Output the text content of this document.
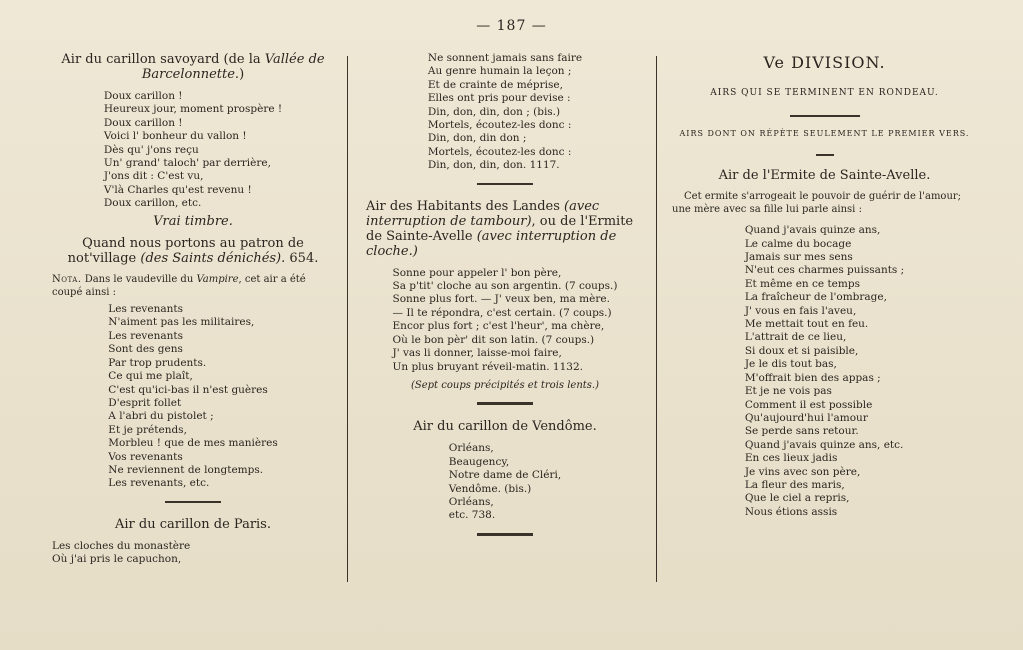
— 187 —
Air du carillon savoyard (de la Vallée de Barcelonnette.)
Doux carillon !
Heureux jour, moment prospère !
Doux carillon !
Voici l' bonheur du vallon !
Dès qu' j'ons reçu
Un' grand' taloch' par derrière,
J'ons dit : C'est vu,
V'là Charles qu'est revenu !
Doux carillon, etc.
Vrai timbre.
Quand nous portons au patron de not'village (des Saints dénichés). 654.
Nota. Dans le vaudeville du Vampire, cet air a été coupé ainsi :
Les revenants
N'aiment pas les militaires,
Les revenants
Sont des gens
Par trop prudents.
Ce qui me plaît,
C'est qu'ici-bas il n'est guères
D'esprit follet
A l'abri du pistolet ;
Et je prétends,
Morbleu ! que de mes manières
Vos revenants
Ne reviennent de longtemps.
Les revenants, etc.
Air du carillon de Paris.
Les cloches du monastère
Où j'ai pris le capuchon,
Ne sonnent jamais sans faire
Au genre humain la leçon ;
Et de crainte de méprise,
Elles ont pris pour devise :
Din, don, din, don ; (bis.)
Mortels, écoutez-les donc :
Din, don, din don ;
Mortels, écoutez-les donc :
Din, don, din, don. 1117.
Air des Habitants des Landes (avec interruption de tambour), ou de l'Ermite de Sainte-Avelle (avec interruption de cloche.)
Sonne pour appeler l' bon père,
Sa p'tit' cloche au son argentin. (7 coups.)
Sonne plus fort. — J' veux ben, ma mère.
— Il te répondra, c'est certain. (7 coups.)
Encor plus fort ; c'est l'heur', ma chère,
Où le bon pèr' dit son latin. (7 coups.)
J' vas li donner, laisse-moi faire,
Un plus bruyant réveil-matin. 1132.
(Sept coups précipités et trois lents.)
Air du carillon de Vendôme.
Orléans,
Beaugency,
Notre dame de Cléri,
Vendôme. (bis.)
Orléans,
etc. 738.
Ve DIVISION.
AIRS QUI SE TERMINENT EN RONDEAU.
AIRS DONT ON RÉPÈTE SEULEMENT LE PREMIER VERS.
Air de l'Ermite de Sainte-Avelle.
Cet ermite s'arrogeait le pouvoir de guérir de l'amour; une mère avec sa fille lui parle ainsi :
Quand j'avais quinze ans,
Le calme du bocage
Jamais sur mes sens
N'eut ces charmes puissants ;
Et même en ce temps
La fraîcheur de l'ombrage,
J' vous en fais l'aveu,
Me mettait tout en feu.
L'attrait de ce lieu,
Si doux et si paisible,
Je le dis tout bas,
M'offrait bien des appas ;
Et je ne vois pas
Comment il est possible
Qu'aujourd'hui l'amour
Se perde sans retour.
Quand j'avais quinze ans, etc.
En ces lieux jadis
Je vins avec son père,
La fleur des maris,
Que le ciel a repris,
Nous étions assis
